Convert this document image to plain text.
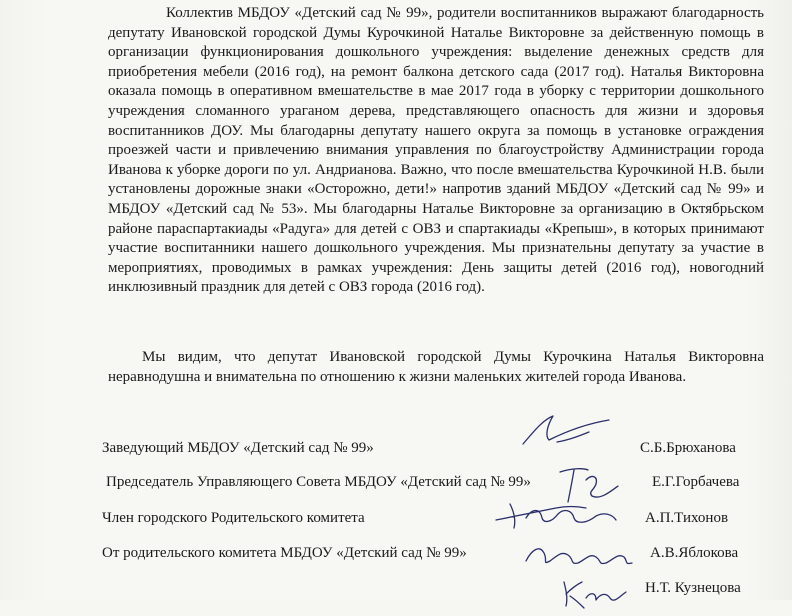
Коллектив МБДОУ «Детский сад № 99», родители воспитанников выражают благодарность депутату Ивановской городской Думы Курочкиной Наталье Викторовне за действенную помощь в организации функционирования дошкольного учреждения: выделение денежных средств для приобретения мебели (2016 год), на ремонт балкона детского сада (2017 год). Наталья Викторовна оказала помощь в оперативном вмешательстве в мае 2017 года в уборку с территории дошкольного учреждения сломанного ураганом дерева, представляющего опасность для жизни и здоровья воспитанников ДОУ. Мы благодарны депутату нашего округа за помощь в установке ограждения проезжей части и привлечению внимания управления по благоустройству Администрации города Иванова к уборке дороги по ул. Андрианова. Важно, что после вмешательства Курочкиной Н.В. были установлены дорожные знаки «Осторожно, дети!» напротив зданий МБДОУ «Детский сад № 99» и МБДОУ «Детский сад № 53». Мы благодарны Наталье Викторовне за организацию в Октябрьском районе параспартакиады «Радуга» для детей с ОВЗ и спартакиады «Крепыш», в которых принимают участие воспитанники нашего дошкольного учреждения. Мы признательны депутату за участие в мероприятиях, проводимых в рамках учреждения: День защиты детей (2016 год), новогодний инклюзивный праздник для детей с ОВЗ города (2016 год).

Мы видим, что депутат Ивановской городской Думы Курочкина Наталья Викторовна неравнодушна и внимательна по отношению к жизни маленьких жителей города Иванова.

Заведующий МБДОУ «Детский сад № 99»	С.Б.Брюханова
Председатель Управляющего Совета МБДОУ «Детский сад № 99»	Е.Г.Горбачева
Член городского Родительского комитета	А.П.Тихонов
От родительского комитета МБДОУ «Детский сад № 99»	А.В.Яблокова
Н.Т. Кузнецова
